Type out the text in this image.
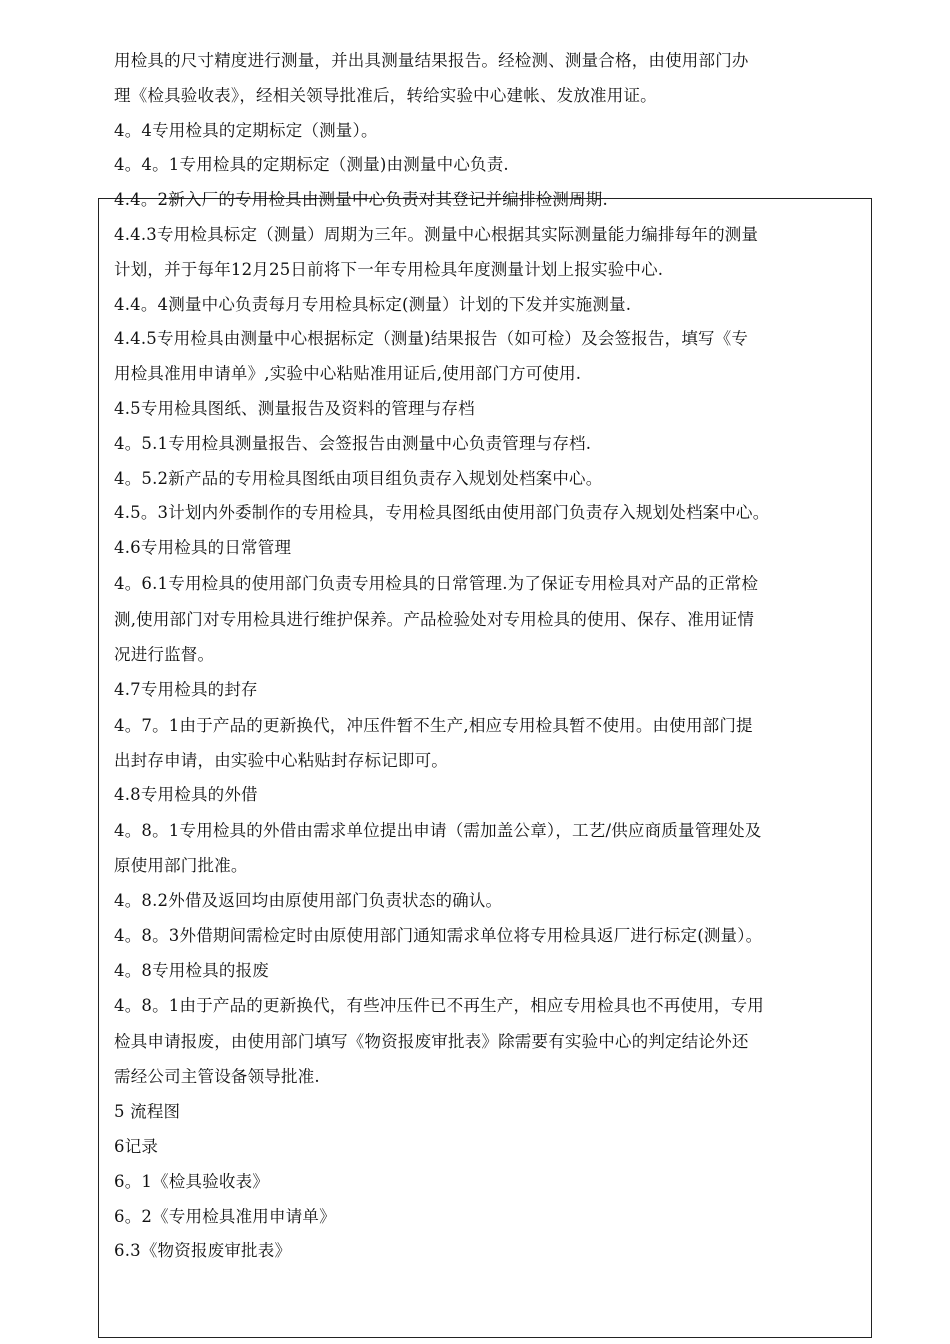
用检具的尺寸精度进行测量，并出具测量结果报告。经检测、测量合格，由使用部门办
理《检具验收表》，经相关领导批准后，转给实验中心建帐、发放准用证。
4。4专用检具的定期标定（测量）。
4。4。1专用检具的定期标定（测量)由测量中心负责.
4.4。2新入厂的专用检具由测量中心负责对其登记并编排检测周期.
4.4.3专用检具标定（测量）周期为三年。测量中心根据其实际测量能力编排每年的测量
计划，并于每年12月25日前将下一年专用检具年度测量计划上报实验中心.
4.4。4测量中心负责每月专用检具标定(测量）计划的下发并实施测量.
4.4.5专用检具由测量中心根据标定（测量)结果报告（如可检）及会签报告，填写《专
用检具准用申请单》,实验中心粘贴准用证后,使用部门方可使用.
4.5专用检具图纸、测量报告及资料的管理与存档
4。5.1专用检具测量报告、会签报告由测量中心负责管理与存档.
4。5.2新产品的专用检具图纸由项目组负责存入规划处档案中心。
4.5。3计划内外委制作的专用检具，专用检具图纸由使用部门负责存入规划处档案中心。
4.6专用检具的日常管理
4。6.1专用检具的使用部门负责专用检具的日常管理.为了保证专用检具对产品的正常检
测,使用部门对专用检具进行维护保养。产品检验处对专用检具的使用、保存、准用证情
况进行监督。
4.7专用检具的封存
4。7。1由于产品的更新换代，冲压件暂不生产,相应专用检具暂不使用。由使用部门提
出封存申请，由实验中心粘贴封存标记即可。
4.8专用检具的外借
4。8。1专用检具的外借由需求单位提出申请（需加盖公章），工艺/供应商质量管理处及
原使用部门批准。
4。8.2外借及返回均由原使用部门负责状态的确认。
4。8。3外借期间需检定时由原使用部门通知需求单位将专用检具返厂进行标定(测量）。
4。8专用检具的报废
4。8。1由于产品的更新换代，有些冲压件已不再生产，相应专用检具也不再使用，专用
检具申请报废，由使用部门填写《物资报废审批表》除需要有实验中心的判定结论外还
需经公司主管设备领导批准.
5 流程图
6记录
6。1《检具验收表》
6。2《专用检具准用申请单》
6.3《物资报废审批表》
